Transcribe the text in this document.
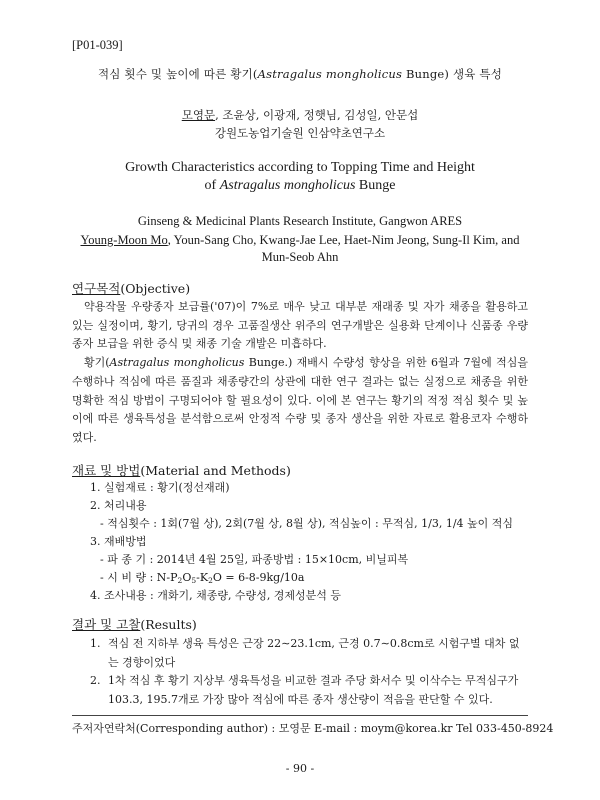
[P01-039]
적심 횟수 및 높이에 따른 황기(Astragalus mongholicus Bunge) 생육 특성
모영문, 조윤상, 이광재, 정햇님, 김성일, 안문섭
강원도농업기술원 인삼약초연구소
Growth Characteristics according to Topping Time and Height
of Astragalus mongholicus Bunge
Ginseng & Medicinal Plants Research Institute, Gangwon ARES
Young-Moon Mo, Youn-Sang Cho, Kwang-Jae Lee, Haet-Nim Jeong, Sung-Il Kim, and
Mun-Seob Ahn
연구목적(Objective)

약용작물 우량종자 보급률('07)이 7%로 매우 낮고 대부분 재래종 및 자가 채종을 활용하고 있는 실정이며, 황기, 당귀의 경우 고품질생산 위주의 연구개발은 실용화 단계이나 신품종 우량종자 보급을 위한 증식 및 채종 기술 개발은 미흡하다.

황기(Astragalus mongholicus Bunge.) 재배시 수량성 향상을 위한 6월과 7월에 적심을 수행하나 적심에 따른 품질과 채종량간의 상관에 대한 연구 결과는 없는 실정으로 채종을 위한 명확한 적심 방법이 구명되어야 할 필요성이 있다. 이에 본 연구는 황기의 적정 적심 횟수 및 높이에 따른 생육특성을 분석함으로써 안정적 수량 및 종자 생산을 위한 자료로 활용코자 수행하였다.

재료 및 방법(Material and Methods)
1. 실험재료 : 황기(정선재래)
2. 처리내용
- 적심횟수 : 1회(7월 상), 2회(7월 상, 8월 상), 적심높이 : 무적심, 1/3, 1/4 높이 적심
3. 재배방법
- 파 종 기 : 2014년 4월 25일, 파종방법 : 15×10cm, 비닐피복
- 시 비 량 : $N-P_2O_5-K_2O = 6-8-9kg/10a$
4. 조사내용 : 개화기, 채종량, 수량성, 경제성분석 등
결과 및 고찰(Results)
1. 적심 전 지하부 생육 특성은 근장 22∼23.1cm, 근경 0.7∼0.8cm로 시험구별 대차 없는 경향이었다
2. 1차 적심 후 황기 지상부 생육특성을 비교한 결과 주당 화서수 및 이삭수는 무적심구가 103.3, 195.7개로 가장 많아 적심에 따른 종자 생산량이 적음을 판단할 수 있다.
주저자연락처(Corresponding author) : 모영문 E-mail : moym@korea.kr Tel 033-450-8924
- 90 -
